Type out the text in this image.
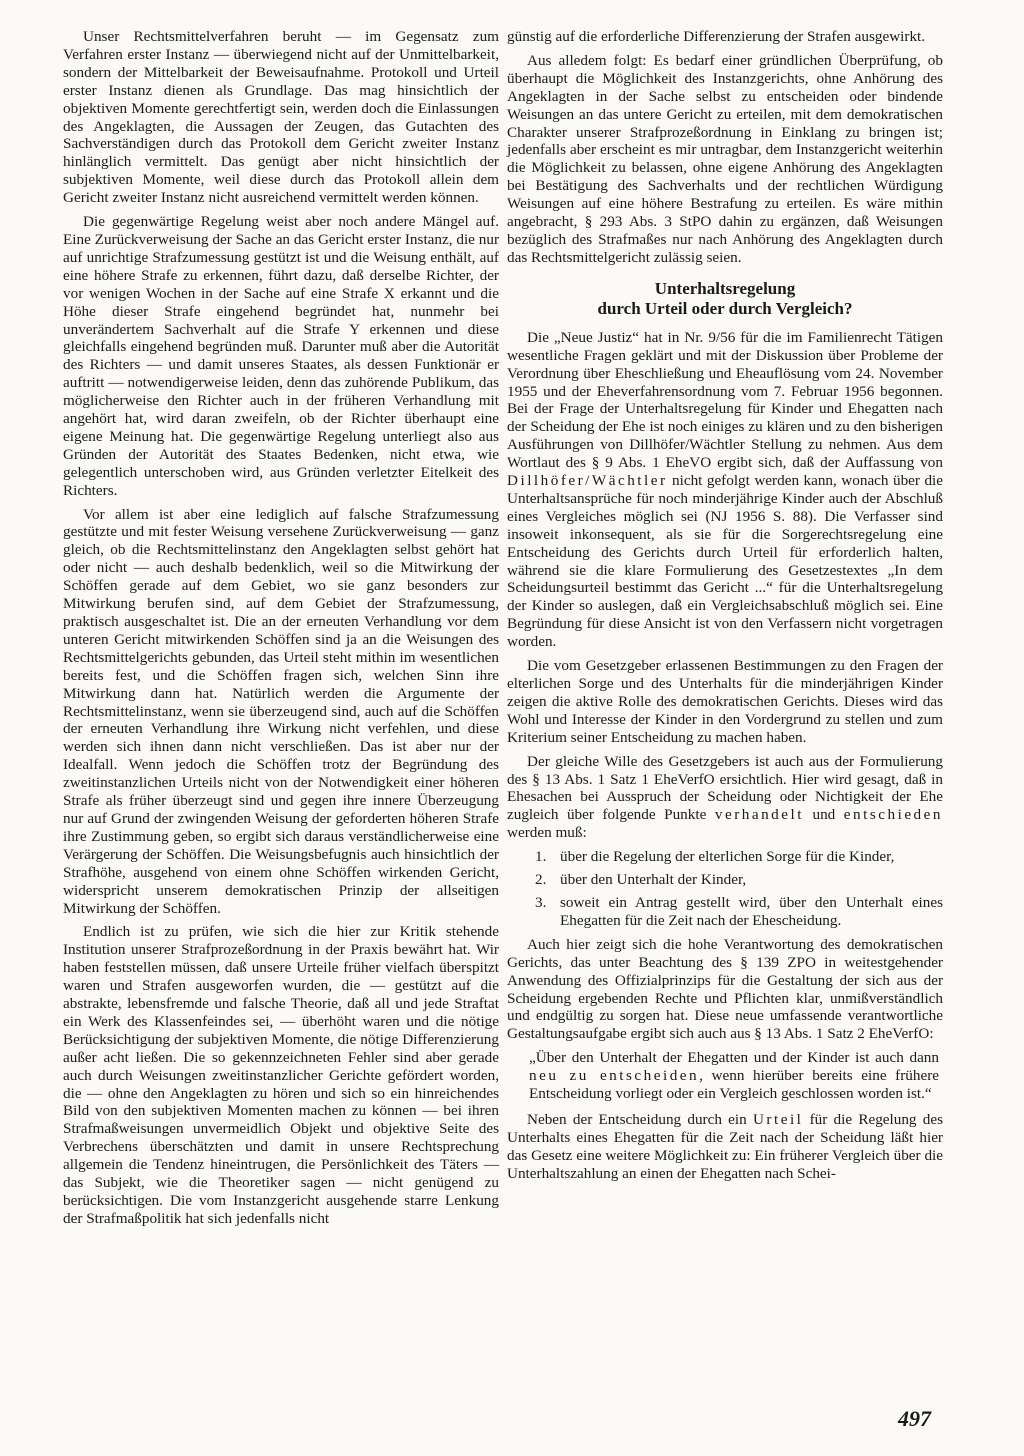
Unser Rechtsmittelverfahren beruht — im Gegensatz zum Verfahren erster Instanz — überwiegend nicht auf der Unmittelbarkeit, sondern der Mittelbarkeit der Beweisaufnahme. Protokoll und Urteil erster Instanz dienen als Grundlage. Das mag hinsichtlich der objektiven Momente gerechtfertigt sein, werden doch die Einlassungen des Angeklagten, die Aussagen der Zeugen, das Gutachten des Sachverständigen durch das Protokoll dem Gericht zweiter Instanz hinlänglich vermittelt. Das genügt aber nicht hinsichtlich der subjektiven Momente, weil diese durch das Protokoll allein dem Gericht zweiter Instanz nicht ausreichend vermittelt werden können.

Die gegenwärtige Regelung weist aber noch andere Mängel auf. Eine Zurückverweisung der Sache an das Gericht erster Instanz, die nur auf unrichtige Strafzumessung gestützt ist und die Weisung enthält, auf eine höhere Strafe zu erkennen, führt dazu, daß derselbe Richter, der vor wenigen Wochen in der Sache auf eine Strafe X erkannt und die Höhe dieser Strafe eingehend begründet hat, nunmehr bei unverändertem Sachverhalt auf die Strafe Y erkennen und diese gleichfalls eingehend begründen muß. Darunter muß aber die Autorität des Richters — und damit unseres Staates, als dessen Funktionär er auftritt — notwendigerweise leiden, denn das zuhörende Publikum, das möglicherweise den Richter auch in der früheren Verhandlung mit angehört hat, wird daran zweifeln, ob der Richter überhaupt eine eigene Meinung hat. Die gegenwärtige Regelung unterliegt also aus Gründen der Autorität des Staates Bedenken, nicht etwa, wie gelegentlich unterschoben wird, aus Gründen verletzter Eitelkeit des Richters.

Vor allem ist aber eine lediglich auf falsche Strafzumessung gestützte und mit fester Weisung versehene Zurückverweisung — ganz gleich, ob die Rechtsmittelinstanz den Angeklagten selbst gehört hat oder nicht — auch deshalb bedenklich, weil so die Mitwirkung der Schöffen gerade auf dem Gebiet, wo sie ganz besonders zur Mitwirkung berufen sind, auf dem Gebiet der Strafzumessung, praktisch ausgeschaltet ist. Die an der erneuten Verhandlung vor dem unteren Gericht mitwirkenden Schöffen sind ja an die Weisungen des Rechtsmittelgerichts gebunden, das Urteil steht mithin im wesentlichen bereits fest, und die Schöffen fragen sich, welchen Sinn ihre Mitwirkung dann hat. Natürlich werden die Argumente der Rechtsmittelinstanz, wenn sie überzeugend sind, auch auf die Schöffen der erneuten Verhandlung ihre Wirkung nicht verfehlen, und diese werden sich ihnen dann nicht verschließen. Das ist aber nur der Idealfall. Wenn jedoch die Schöffen trotz der Begründung des zweitinstanzlichen Urteils nicht von der Notwendigkeit einer höheren Strafe als früher überzeugt sind und gegen ihre innere Überzeugung nur auf Grund der zwingenden Weisung der geforderten höheren Strafe ihre Zustimmung geben, so ergibt sich daraus verständlicherweise eine Verärgerung der Schöffen. Die Weisungsbefugnis auch hinsichtlich der Strafhöhe, ausgehend von einem ohne Schöffen wirkenden Gericht, widerspricht unserem demokratischen Prinzip der allseitigen Mitwirkung der Schöffen.

Endlich ist zu prüfen, wie sich die hier zur Kritik stehende Institution unserer Strafprozeßordnung in der Praxis bewährt hat. Wir haben feststellen müssen, daß unsere Urteile früher vielfach überspitzt waren und Strafen ausgeworfen wurden, die — gestützt auf die abstrakte, lebensfremde und falsche Theorie, daß all und jede Straftat ein Werk des Klassenfeindes sei, — überhöht waren und die nötige Berücksichtigung der subjektiven Momente, die nötige Differenzierung außer acht ließen. Die so gekennzeichneten Fehler sind aber gerade auch durch Weisungen zweitinstanzlicher Gerichte gefördert worden, die — ohne den Angeklagten zu hören und sich so ein hinreichendes Bild von den subjektiven Momenten machen zu können — bei ihren Strafmaßweisungen unvermeidlich Objekt und objektive Seite des Verbrechens überschätzten und damit in unsere Rechtsprechung allgemein die Tendenz hineintrugen, die Persönlichkeit des Täters — das Subjekt, wie die Theoretiker sagen — nicht genügend zu berücksichtigen. Die vom Instanzgericht ausgehende starre Lenkung der Strafmaßpolitik hat sich jedenfalls nicht

günstig auf die erforderliche Differenzierung der Strafen ausgewirkt.

Aus alledem folgt: Es bedarf einer gründlichen Überprüfung, ob überhaupt die Möglichkeit des Instanzgerichts, ohne Anhörung des Angeklagten in der Sache selbst zu entscheiden oder bindende Weisungen an das untere Gericht zu erteilen, mit dem demokratischen Charakter unserer Strafprozeßordnung in Einklang zu bringen ist; jedenfalls aber erscheint es mir untragbar, dem Instanzgericht weiterhin die Möglichkeit zu belassen, ohne eigene Anhörung des Angeklagten bei Bestätigung des Sachverhalts und der rechtlichen Würdigung Weisungen auf eine höhere Bestrafung zu erteilen. Es wäre mithin angebracht, § 293 Abs. 3 StPO dahin zu ergänzen, daß Weisungen bezüglich des Strafmaßes nur nach Anhörung des Angeklagten durch das Rechtsmittelgericht zulässig seien.

Unterhaltsregelung
durch Urteil oder durch Vergleich?

Die „Neue Justiz“ hat in Nr. 9/56 für die im Familienrecht Tätigen wesentliche Fragen geklärt und mit der Diskussion über Probleme der Verordnung über Eheschließung und Eheauflösung vom 24. November 1955 und der Eheverfahrensordnung vom 7. Februar 1956 begonnen. Bei der Frage der Unterhaltsregelung für Kinder und Ehegatten nach der Scheidung der Ehe ist noch einiges zu klären und zu den bisherigen Ausführungen von Dillhöfer/Wächtler Stellung zu nehmen. Aus dem Wortlaut des § 9 Abs. 1 EheVO ergibt sich, daß der Auffassung von Dillhöfer/Wächtler nicht gefolgt werden kann, wonach über die Unterhaltsansprüche für noch minderjährige Kinder auch der Abschluß eines Vergleiches möglich sei (NJ 1956 S. 88). Die Verfasser sind insoweit inkonsequent, als sie für die Sorgerechtsregelung eine Entscheidung des Gerichts durch Urteil für erforderlich halten, während sie die klare Formulierung des Gesetzestextes „In dem Scheidungsurteil bestimmt das Gericht ...“ für die Unterhaltsregelung der Kinder so auslegen, daß ein Vergleichsabschluß möglich sei. Eine Begründung für diese Ansicht ist von den Verfassern nicht vorgetragen worden.

Die vom Gesetzgeber erlassenen Bestimmungen zu den Fragen der elterlichen Sorge und des Unterhalts für die minderjährigen Kinder zeigen die aktive Rolle des demokratischen Gerichts. Dieses wird das Wohl und Interesse der Kinder in den Vordergrund zu stellen und zum Kriterium seiner Entscheidung zu machen haben.

Der gleiche Wille des Gesetzgebers ist auch aus der Formulierung des § 13 Abs. 1 Satz 1 EheVerfO ersichtlich. Hier wird gesagt, daß in Ehesachen bei Ausspruch der Scheidung oder Nichtigkeit der Ehe zugleich über folgende Punkte verhandelt und entschieden werden muß:

1. über die Regelung der elterlichen Sorge für die Kinder,
2. über den Unterhalt der Kinder,
3. soweit ein Antrag gestellt wird, über den Unterhalt eines Ehegatten für die Zeit nach der Ehescheidung.

Auch hier zeigt sich die hohe Verantwortung des demokratischen Gerichts, das unter Beachtung des § 139 ZPO in weitestgehender Anwendung des Offizialprinzips für die Gestaltung der sich aus der Scheidung ergebenden Rechte und Pflichten klar, unmißverständlich und endgültig zu sorgen hat. Diese neue umfassende verantwortliche Gestaltungsaufgabe ergibt sich auch aus § 13 Abs. 1 Satz 2 EheVerfO:

„Über den Unterhalt der Ehegatten und der Kinder ist auch dann neu zu entscheiden, wenn hierüber bereits eine frühere Entscheidung vorliegt oder ein Vergleich geschlossen worden ist.“

Neben der Entscheidung durch ein Urteil für die Regelung des Unterhalts eines Ehegatten für die Zeit nach der Scheidung läßt hier das Gesetz eine weitere Möglichkeit zu: Ein früherer Vergleich über die Unterhaltszahlung an einen der Ehegatten nach Schei-

497
